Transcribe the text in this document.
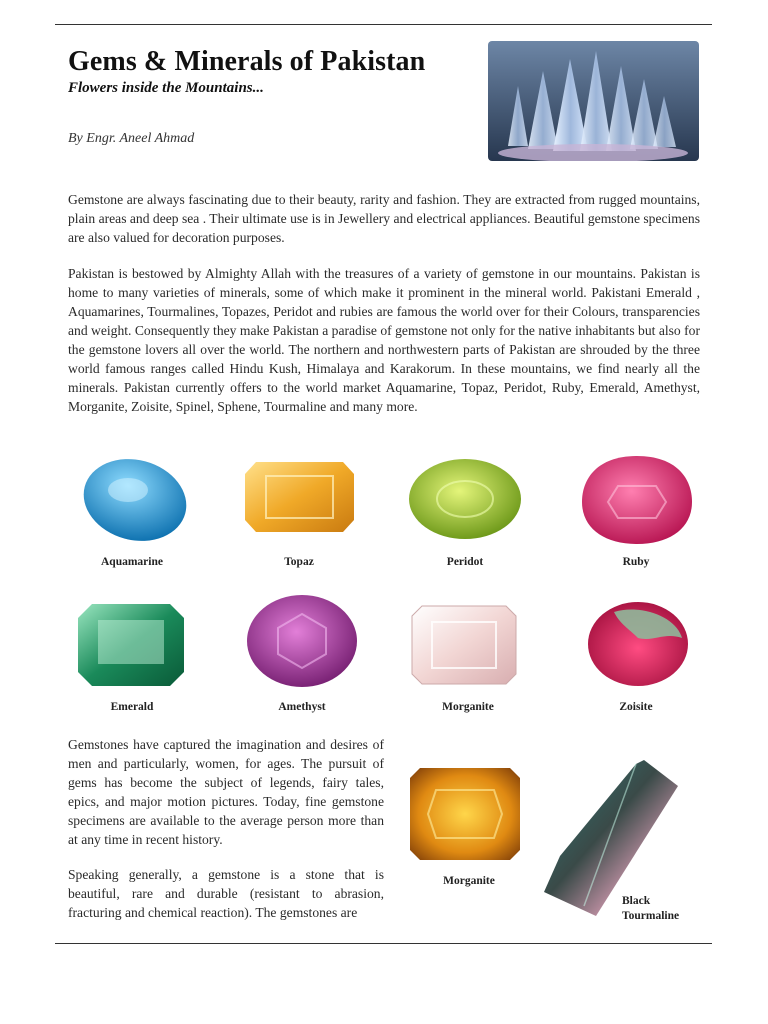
Gems & Minerals of Pakistan
Flowers inside the Mountains...
By Engr. Aneel Ahmad

Gemstone are always fascinating due to their beauty, rarity and fashion. They are extracted from rugged mountains, plain areas and deep sea . Their ultimate use is in Jewellery and electrical appliances. Beautiful gemstone specimens are also valued for decoration purposes.

Pakistan is bestowed by Almighty Allah with the treasures of a variety of gemstone in our mountains. Pakistan is home to many varieties of minerals, some of which make it prominent in the mineral world. Pakistani Emerald , Aquamarines, Tourmalines, Topazes, Peridot and rubies are famous the world over for their Colours, transparencies and weight. Consequently they make Pakistan a paradise of gemstone not only for the native inhabitants but also for the gemstone lovers all over the world. The northern and northwestern parts of Pakistan are shrouded by the three world famous ranges called Hindu Kush, Himalaya and Karakorum. In these mountains, we find nearly all the minerals. Pakistan currently offers to the world market Aquamarine, Topaz, Peridot, Ruby, Emerald, Amethyst, Morganite, Zoisite, Spinel, Sphene, Tourmaline and many more.

Aquamarine	Topaz	Peridot	Ruby
Emerald	Amethyst	Morganite	Zoisite

Gemstones have captured the imagination and desires of men and particularly, women, for ages. The pursuit of gems has become the subject of legends, fairy tales, epics, and major motion pictures. Today, fine gemstone specimens are available to the average person more than at any time in recent history.

Speaking generally, a gemstone is a stone that is beautiful, rare and durable (resistant to abrasion, fracturing and chemical reaction). The gemstones are

Morganite
Black Tourmaline
